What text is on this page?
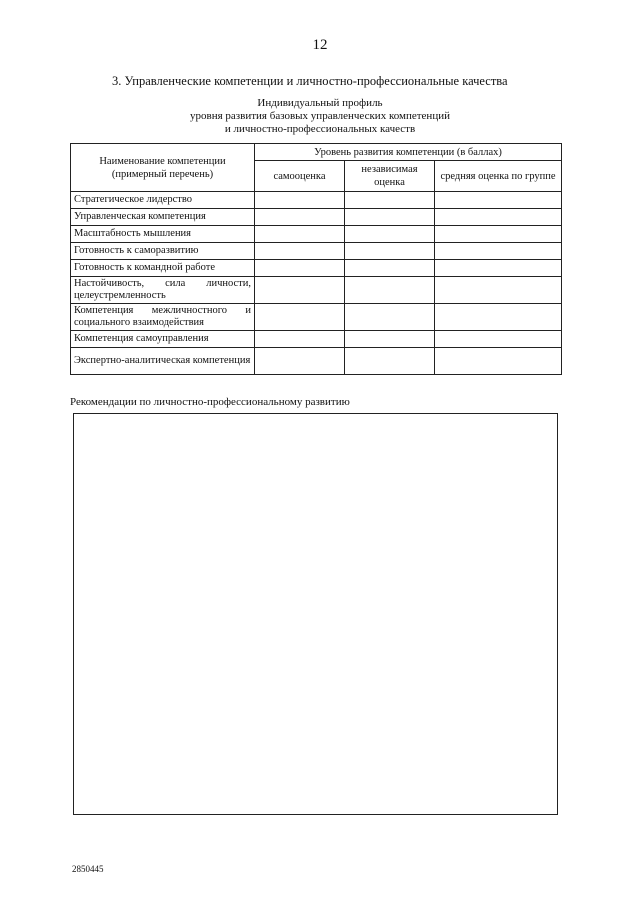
12
3. Управленческие компетенции и личностно-профессиональные качества
Индивидуальный профиль
уровня развития базовых управленческих компетенций
и личностно-профессиональных качеств
Наименование компетенции (примерный перечень)	Уровень развития компетенции (в баллах)		
	самооценка	независимая оценка	средняя оценка по группе
Стратегическое лидерство			
Управленческая компетенция			
Масштабность мышления			
Готовность к саморазвитию			
Готовность к командной работе			
Настойчивость, сила личности, целеустремленность			
Компетенция межличностного и социального взаимодействия			
Компетенция самоуправления			
Экспертно-аналитическая компетенция			
Рекомендации по личностно-профессиональному развитию
2850445
